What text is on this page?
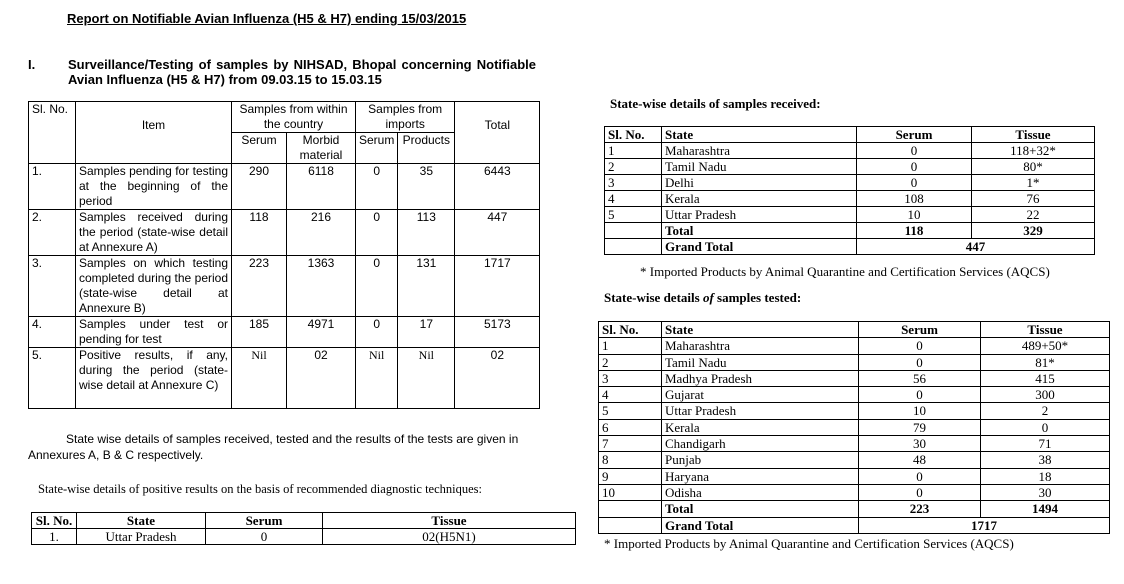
Report on Notifiable Avian Influenza (H5 & H7) ending 15/03/2015
I.	Surveillance/Testing of samples by NIHSAD, Bhopal concerning Notifiable Avian Influenza (H5 & H7) from 09.03.15 to 15.03.15
Sl. No.	Item	Samples from within the country		Samples from imports		Total
		Serum	Morbid material	Serum	Products	
1.	Samples pending for testing at the beginning of the period	290	6118	0	35	6443
2.	Samples received during the period (state-wise detail at Annexure A)	118	216	0	113	447
3.	Samples on which testing completed during the period (state-wise detail at Annexure B)	223	1363	0	131	1717
4.	Samples under test or pending for test	185	4971	0	17	5173
5.	Positive results, if any, during the period (state-wise detail at Annexure C)	Nil	02	Nil	Nil	02
State wise details of samples received, tested and the results of the tests are given in Annexures A, B & C respectively.
State-wise details of positive results on the basis of recommended diagnostic techniques:
Sl. No.	State	Serum	Tissue
1.	Uttar Pradesh	0	02(H5N1)
State-wise details of samples received:
Sl. No.	State	Serum	Tissue
1	Maharashtra	0	118+32*
2	Tamil Nadu	0	80*
3	Delhi	0	1*
4	Kerala	108	76
5	Uttar Pradesh	10	22
	Total	118	329
	Grand Total	447	
* Imported Products by Animal Quarantine and Certification Services (AQCS)
State-wise details of samples tested:
Sl. No.	State	Serum	Tissue
1	Maharashtra	0	489+50*
2	Tamil Nadu	0	81*
3	Madhya Pradesh	56	415
4	Gujarat	0	300
5	Uttar Pradesh	10	2
6	Kerala	79	0
7	Chandigarh	30	71
8	Punjab	48	38
9	Haryana	0	18
10	Odisha	0	30
	Total	223	1494
	Grand Total	1717	
* Imported Products by Animal Quarantine and Certification Services (AQCS)
